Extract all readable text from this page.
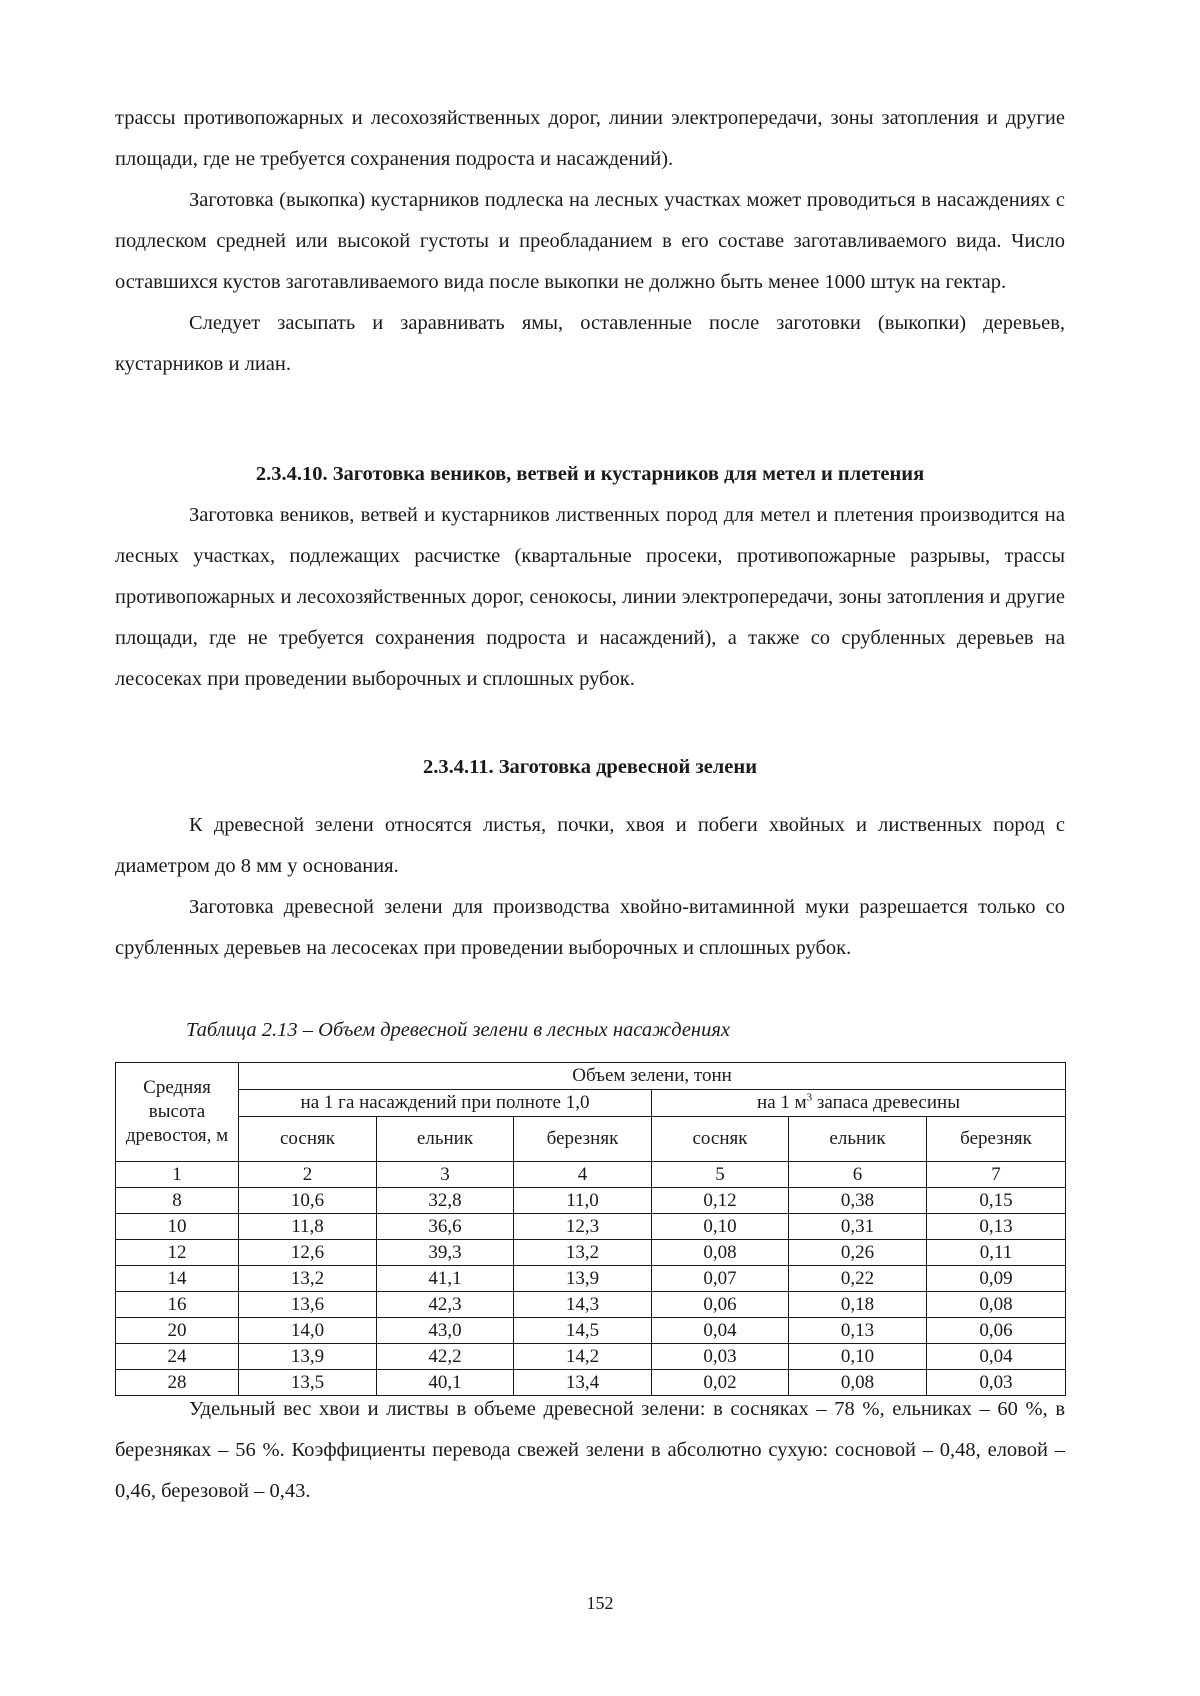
трассы противопожарных и лесохозяйственных дорог, линии электропередачи, зоны затопления и другие площади, где не требуется сохранения подроста и насаждений).

Заготовка (выкопка) кустарников подлеска на лесных участках может проводиться в насаждениях с подлеском средней или высокой густоты и преобладанием в его составе заготавливаемого вида. Число оставшихся кустов заготавливаемого вида после выкопки не должно быть менее 1000 штук на гектар.

Следует засыпать и заравнивать ямы, оставленные после заготовки (выкопки) деревьев, кустарников и лиан.

2.3.4.10. Заготовка веников, ветвей и кустарников для метел и плетения

Заготовка веников, ветвей и кустарников лиственных пород для метел и плетения производится на лесных участках, подлежащих расчистке (квартальные просеки, противопожарные разрывы, трассы противопожарных и лесохозяйственных дорог, сенокосы, линии электропередачи, зоны затопления и другие площади, где не требуется сохранения подроста и насаждений), а также со срубленных деревьев на лесосеках при проведении выборочных и сплошных рубок.

2.3.4.11. Заготовка древесной зелени

К древесной зелени относятся листья, почки, хвоя и побеги хвойных и лиственных пород с диаметром до 8 мм у основания.

Заготовка древесной зелени для производства хвойно-витаминной муки разрешается только со срубленных деревьев на лесосеках при проведении выборочных и сплошных рубок.

Таблица 2.13 – Объем древесной зелени в лесных насаждениях
Средняя высота древостоя, м	Объем зелени, тонн					
	на 1 га насаждений при полноте 1,0			на 1 $м^3$ запаса древесины		
	сосняк	ельник	березняк	сосняк	ельник	березняк
1	2	3	4	5	6	7
8	10,6	32,8	11,0	0,12	0,38	0,15
10	11,8	36,6	12,3	0,10	0,31	0,13
12	12,6	39,3	13,2	0,08	0,26	0,11
14	13,2	41,1	13,9	0,07	0,22	0,09
16	13,6	42,3	14,3	0,06	0,18	0,08
20	14,0	43,0	14,5	0,04	0,13	0,06
24	13,9	42,2	14,2	0,03	0,10	0,04
28	13,5	40,1	13,4	0,02	0,08	0,03

Удельный вес хвои и листвы в объеме древесной зелени: в сосняках – 78 %, ельниках – 60 %, в березняках – 56 %. Коэффициенты перевода свежей зелени в абсолютно сухую: сосновой – 0,48, еловой – 0,46, березовой – 0,43.

152
